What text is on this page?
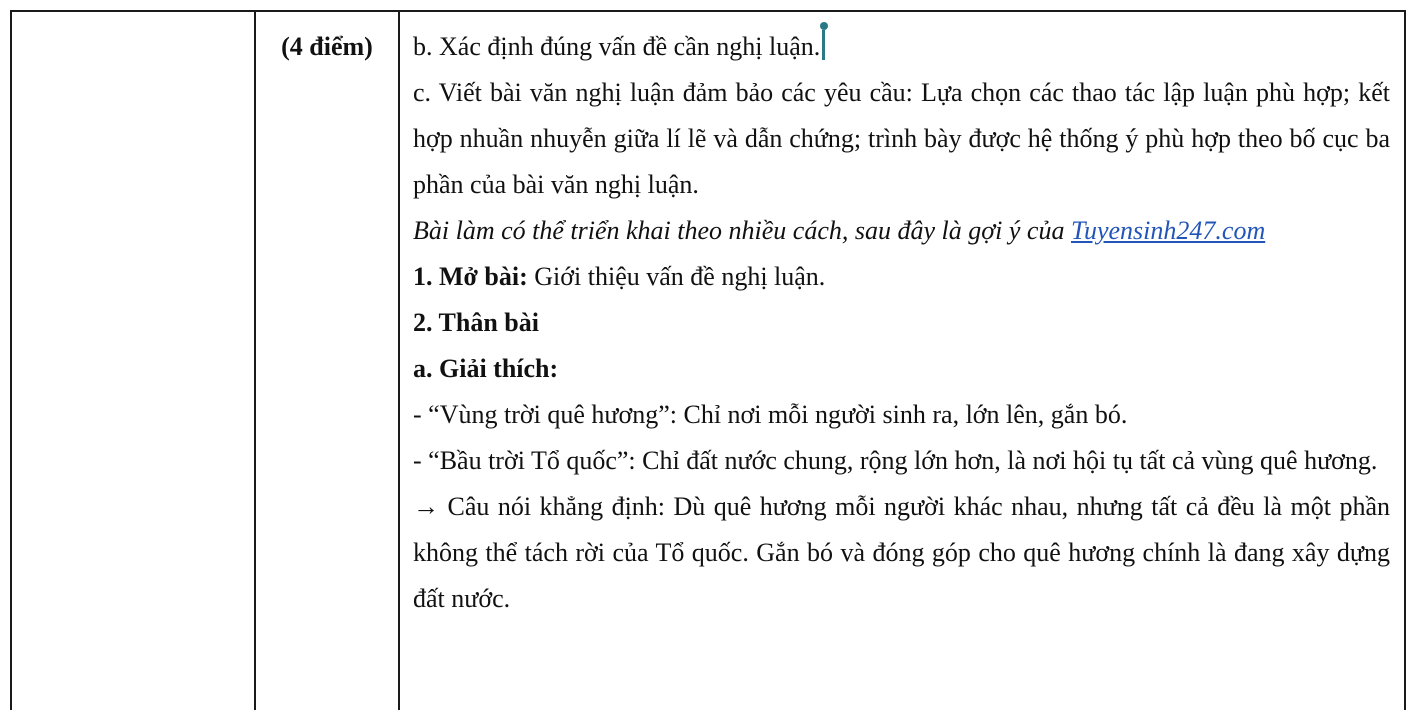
(4 điểm)	b. Xác định đúng vấn đề cần nghị luận.

c. Viết bài văn nghị luận đảm bảo các yêu cầu: Lựa chọn các thao tác lập luận phù hợp; kết hợp nhuần nhuyễn giữa lí lẽ và dẫn chứng; trình bày được hệ thống ý phù hợp theo bố cục ba phần của bài văn nghị luận.

Bài làm có thể triển khai theo nhiều cách, sau đây là gợi ý của Tuyensinh247.com

1. Mở bài: Giới thiệu vấn đề nghị luận.

2. Thân bài

a. Giải thích:

- “Vùng trời quê hương”: Chỉ nơi mỗi người sinh ra, lớn lên, gắn bó.

- “Bầu trời Tổ quốc”: Chỉ đất nước chung, rộng lớn hơn, là nơi hội tụ tất cả vùng quê hương.

→ Câu nói khẳng định: Dù quê hương mỗi người khác nhau, nhưng tất cả đều là một phần không thể tách rời của Tổ quốc. Gắn bó và đóng góp cho quê hương chính là đang xây dựng đất nước.
